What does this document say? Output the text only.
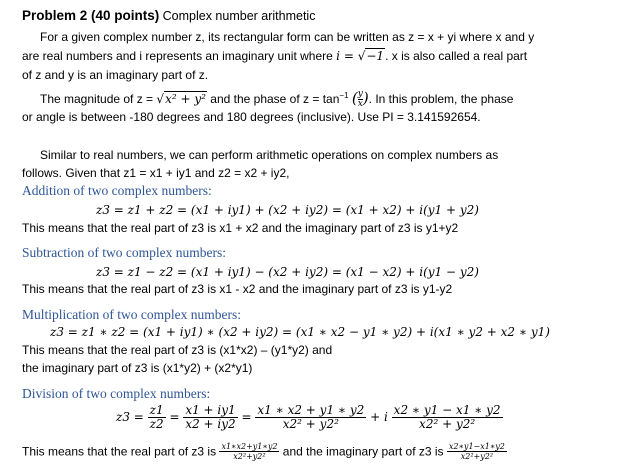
Problem 2 (40 points) Complex number arithmetic
For a given complex number z, its rectangular form can be written as z = x + yi where x and y
are real numbers and i represents an imaginary unit where i = √−1. x is also called a real part
of z and y is an imaginary part of z.
The magnitude of z = √x² + y² and the phase of $z = \tan^{-1}$ ( $\frac{y}{x}$ ). In this problem, the phase
or angle is between -180 degrees and 180 degrees (inclusive). Use PI = 3.141592654.
Similar to real numbers, we can perform arithmetic operations on complex numbers as
follows. Given that z1 = x1 + iy1 and z2 = x2 + iy2,
Addition of two complex numbers:
z3 = z1 + z2 = (x1 + iy1) + (x2 + iy2) = (x1 + x2) + i(y1 + y2)
This means that the real part of z3 is x1 + x2 and the imaginary part of z3 is y1+y2
Subtraction of two complex numbers:
z3 = z1 − z2 = (x1 + iy1) − (x2 + iy2) = (x1 − x2) + i(y1 − y2)
This means that the real part of z3 is x1 - x2 and the imaginary part of z3 is y1-y2
Multiplication of two complex numbers:
z3 = z1 ∗ z2 = (x1 + iy1) ∗ (x2 + iy2) = (x1 ∗ x2 − y1 ∗ y2) + i(x1 ∗ y2 + x2 ∗ y1)
This means that the real part of z3 is (x1*x2) – (y1*y2) and
the imaginary part of z3 is (x1*y2) + (x2*y1)
Division of two complex numbers:
$z3 = \frac{z1}{z2} = \frac{x1 + iy1}{x2 + iy2} = \frac{x1 ∗ x2 + y1 ∗ y2}{\text{x2² + y2²}} + i \frac{x2 ∗ y1 - x1 ∗ y2}{\text{x2² + y2²}}$
This means that the real part of z3 is $\frac{x1∗x2+y1∗y2}{\text{x2²+y2²}}$ and the imaginary part of z3 is $\frac{x2∗y1-x1∗y2}{\text{x2²+y2²}}$
